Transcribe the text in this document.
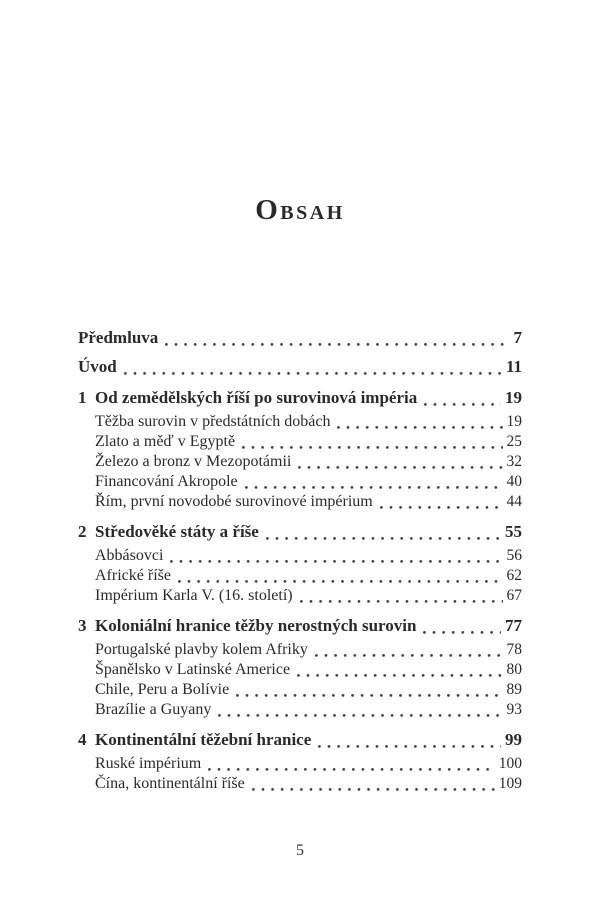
Obsah
Předmluva	7
Úvod	11
1 Od zemědělských říší po surovinová impéria	19
Těžba surovin v předstátních dobách	19
Zlato a měď v Egyptě	25
Železo a bronz v Mezopotámii	32
Financování Akropole	40
Řím, první novodobé surovinové impérium	44
2 Středověké státy a říše	55
Abbásovci	56
Africké říše	62
Impérium Karla V. (16. století)	67
3 Koloniální hranice těžby nerostných surovin	77
Portugalské plavby kolem Afriky	78
Španělsko v Latinské Americe	80
Chile, Peru a Bolívie	89
Brazílie a Guyany	93
4 Kontinentální těžební hranice	99
Ruské impérium	100
Čína, kontinentální říše	109
5
